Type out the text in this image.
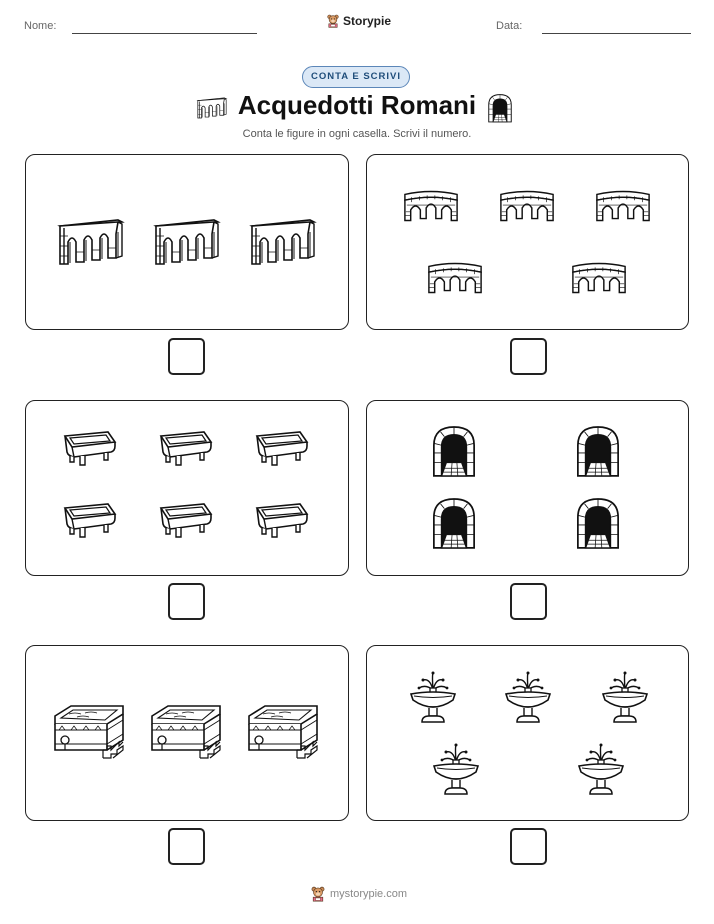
Nome:	Storypie	Data:
CONTA E SCRIVI
Acquedotti Romani
Conta le figure in ogni casella. Scrivi il numero.
mystorypie.com
